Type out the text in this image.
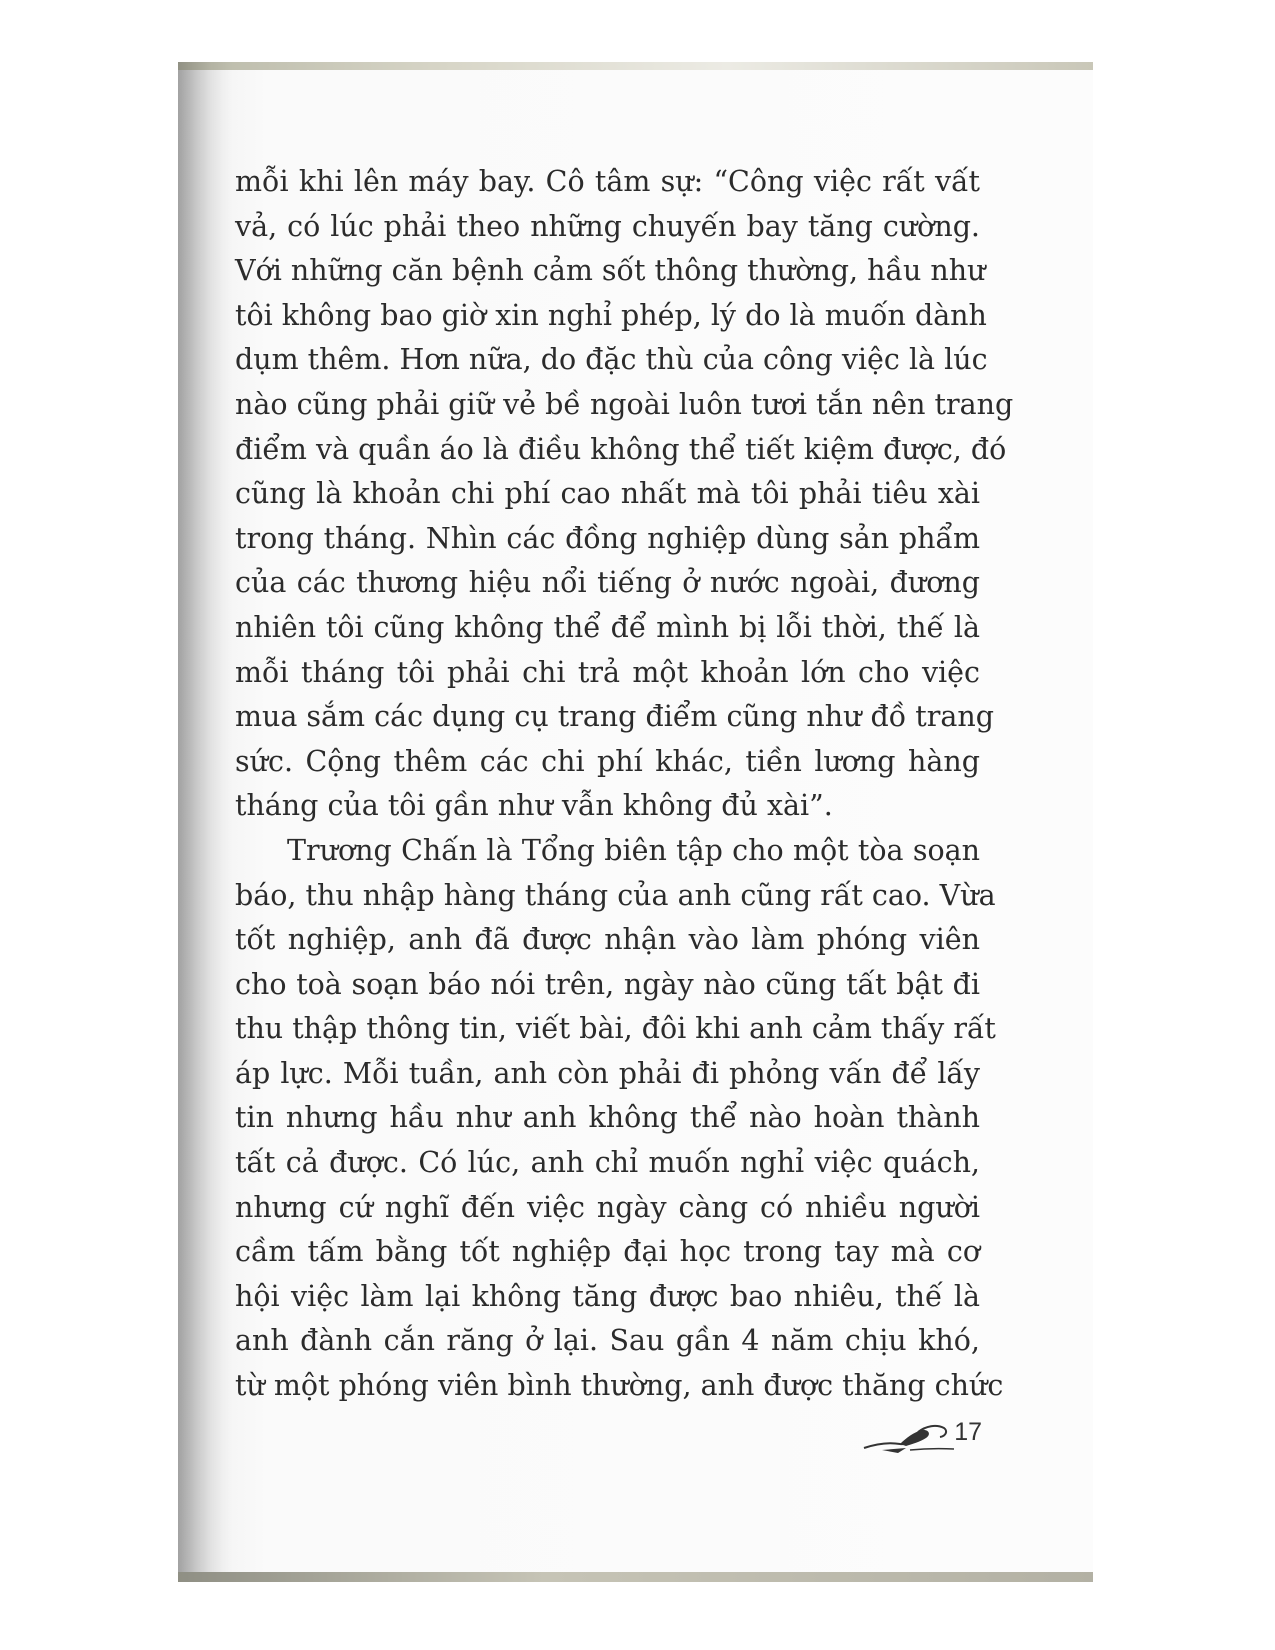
mỗi khi lên máy bay. Cô tâm sự: “Công việc rất vất
vả, có lúc phải theo những chuyến bay tăng cường.
Với những căn bệnh cảm sốt thông thường, hầu như
tôi không bao giờ xin nghỉ phép, lý do là muốn dành
dụm thêm. Hơn nữa, do đặc thù của công việc là lúc
nào cũng phải giữ vẻ bề ngoài luôn tươi tắn nên trang
điểm và quần áo là điều không thể tiết kiệm được, đó
cũng là khoản chi phí cao nhất mà tôi phải tiêu xài
trong tháng. Nhìn các đồng nghiệp dùng sản phẩm
của các thương hiệu nổi tiếng ở nước ngoài, đương
nhiên tôi cũng không thể để mình bị lỗi thời, thế là
mỗi tháng tôi phải chi trả một khoản lớn cho việc
mua sắm các dụng cụ trang điểm cũng như đồ trang
sức. Cộng thêm các chi phí khác, tiền lương hàng
tháng của tôi gần như vẫn không đủ xài”.
Trương Chấn là Tổng biên tập cho một tòa soạn
báo, thu nhập hàng tháng của anh cũng rất cao. Vừa
tốt nghiệp, anh đã được nhận vào làm phóng viên
cho toà soạn báo nói trên, ngày nào cũng tất bật đi
thu thập thông tin, viết bài, đôi khi anh cảm thấy rất
áp lực. Mỗi tuần, anh còn phải đi phỏng vấn để lấy
tin nhưng hầu như anh không thể nào hoàn thành
tất cả được. Có lúc, anh chỉ muốn nghỉ việc quách,
nhưng cứ nghĩ đến việc ngày càng có nhiều người
cầm tấm bằng tốt nghiệp đại học trong tay mà cơ
hội việc làm lại không tăng được bao nhiêu, thế là
anh đành cắn răng ở lại. Sau gần 4 năm chịu khó,
từ một phóng viên bình thường, anh được thăng chức
17
